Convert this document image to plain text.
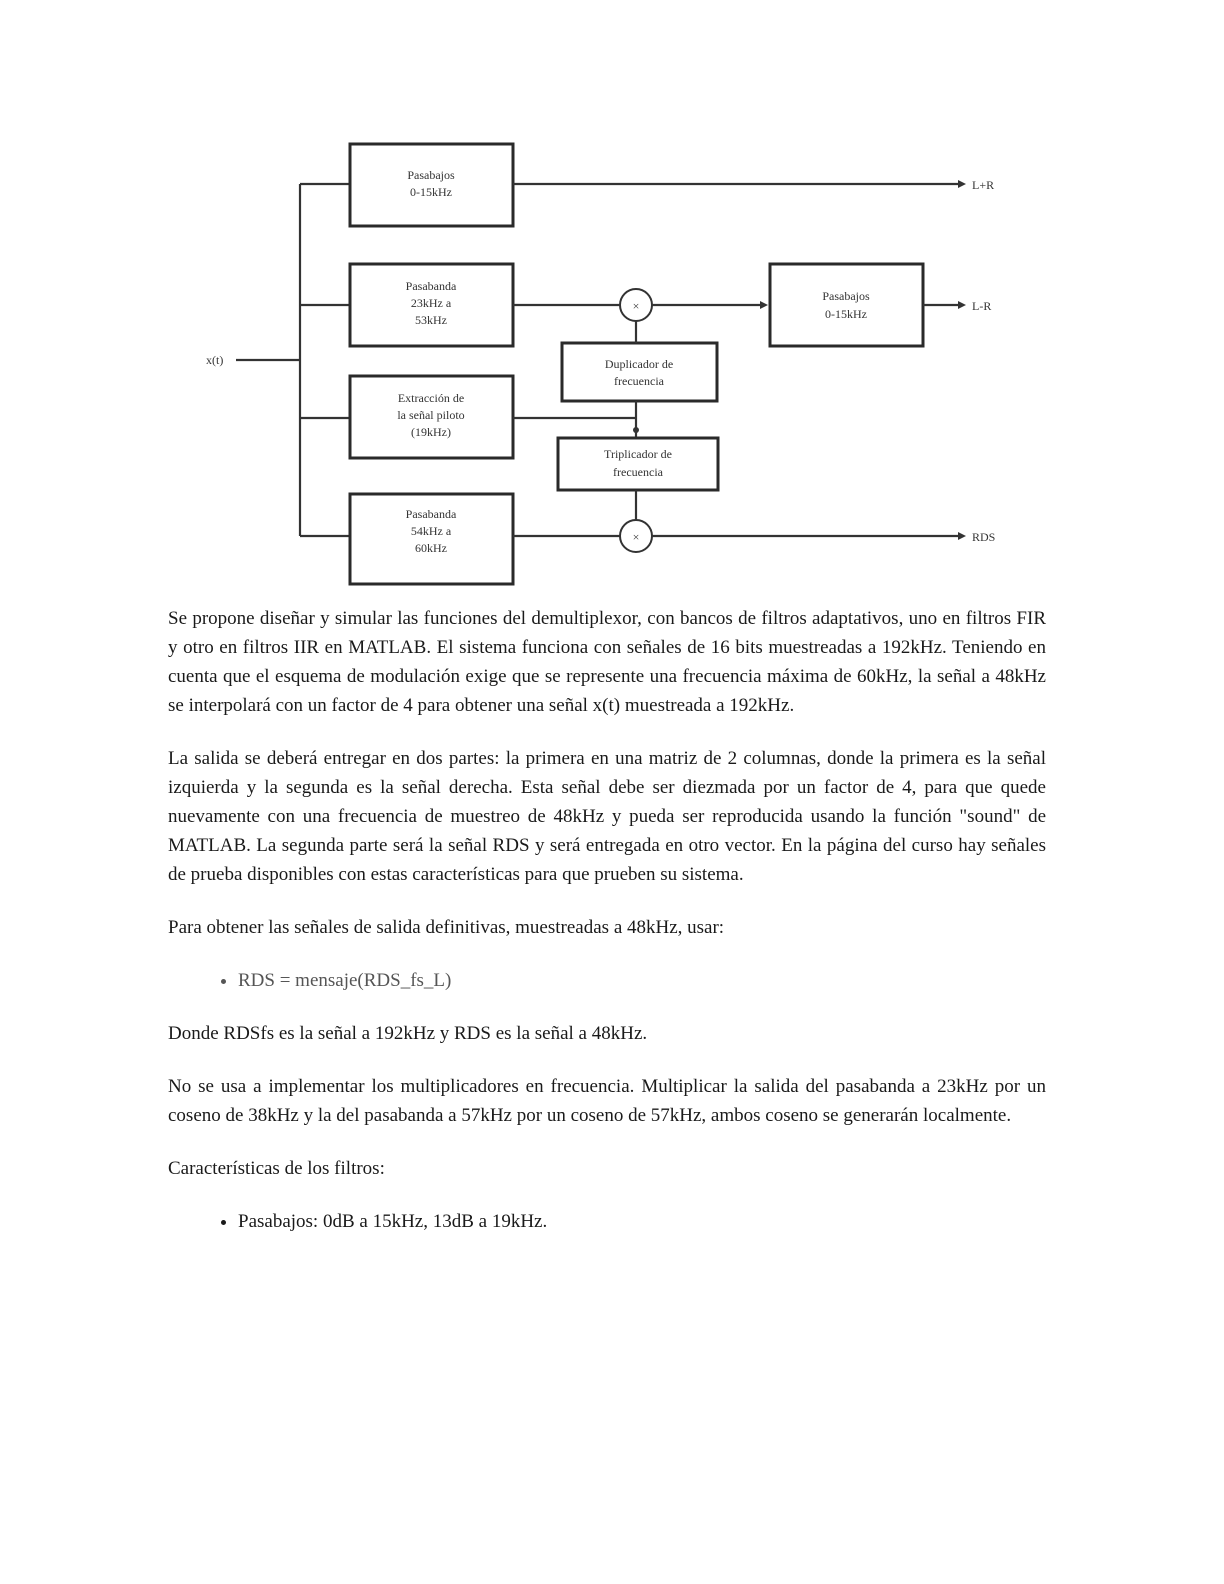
x(t)
Pasabajos
0-15kHz	L+R
Pasabanda
23kHz a
53kHz
×
Pasabajos
0-15kHz
L-R
Duplicador de
frecuencia
Extracción de
la señal piloto
(19kHz)
Triplicador de
frecuencia
Pasabanda
54kHz a
60kHz
×	RDS

Se propone diseñar y simular las funciones del demultiplexor, con bancos de filtros adaptativos, uno en filtros FIR y otro en filtros IIR en MATLAB. El sistema funciona con señales de 16 bits muestreadas a 192kHz. Teniendo en cuenta que el esquema de modulación exige que se represente una frecuencia máxima de 60kHz, la señal a 48kHz se interpolará con un factor de 4 para obtener una señal x(t) muestreada a 192kHz.

La salida se deberá entregar en dos partes: la primera en una matriz de 2 columnas, donde la primera es la señal izquierda y la segunda es la señal derecha. Esta señal debe ser diezmada por un factor de 4, para que quede nuevamente con una frecuencia de muestreo de 48kHz y pueda ser reproducida usando la función "sound" de MATLAB. La segunda parte será la señal RDS y será entregada en otro vector. En la página del curso hay señales de prueba disponibles con estas características para que prueben su sistema.

Para obtener las señales de salida definitivas, muestreadas a 48kHz, usar:

• RDS = mensaje(RDS_fs_L)

Donde RDSfs es la señal a 192kHz y RDS es la señal a 48kHz.

No se usa a implementar los multiplicadores en frecuencia. Multiplicar la salida del pasabanda a 23kHz por un coseno de 38kHz y la del pasabanda a 57kHz por un coseno de 57kHz, ambos coseno se generarán localmente.

Características de los filtros:

• Pasabajos: 0dB a 15kHz, 13dB a 19kHz.
